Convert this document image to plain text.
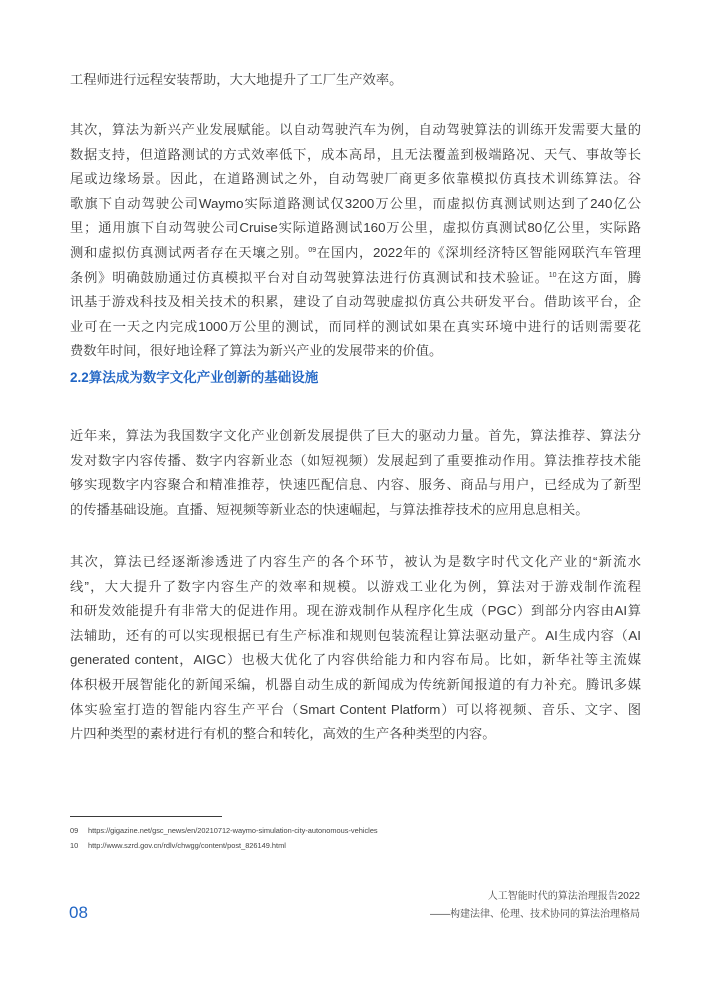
工程师进行远程安装帮助，大大地提升了工厂生产效率。
其次，算法为新兴产业发展赋能。以自动驾驶汽车为例，自动驾驶算法的训练开发需要大量的
数据支持，但道路测试的方式效率低下，成本高昂，且无法覆盖到极端路况、天气、事故等长
尾或边缘场景。因此，在道路测试之外，自动驾驶厂商更多依靠模拟仿真技术训练算法。谷
歌旗下自动驾驶公司Waymo实际道路测试仅3200万公里，而虚拟仿真测试则达到了240亿公
里；通用旗下自动驾驶公司Cruise实际道路测试160万公里，虚拟仿真测试80亿公里，实际路
测和虚拟仿真测试两者存在天壤之别。$^{09}$在国内，2022年的《深圳经济特区智能网联汽车管理
条例》明确鼓励通过仿真模拟平台对自动驾驶算法进行仿真测试和技术验证。$^{10}$在这方面，腾
讯基于游戏科技及相关技术的积累，建设了自动驾驶虚拟仿真公共研发平台。借助该平台，企
业可在一天之内完成1000万公里的测试，而同样的测试如果在真实环境中进行的话则需要花
费数年时间，很好地诠释了算法为新兴产业的发展带来的价值。
2.2算法成为数字文化产业创新的基础设施
近年来，算法为我国数字文化产业创新发展提供了巨大的驱动力量。首先，算法推荐、算法分
发对数字内容传播、数字内容新业态（如短视频）发展起到了重要推动作用。算法推荐技术能
够实现数字内容聚合和精准推荐，快速匹配信息、内容、服务、商品与用户，已经成为了新型
的传播基础设施。直播、短视频等新业态的快速崛起，与算法推荐技术的应用息息相关。
其次，算法已经逐渐渗透进了内容生产的各个环节，被认为是数字时代文化产业的“新流水
线”，大大提升了数字内容生产的效率和规模。以游戏工业化为例，算法对于游戏制作流程
和研发效能提升有非常大的促进作用。现在游戏制作从程序化生成（PGC）到部分内容由AI算
法辅助，还有的可以实现根据已有生产标准和规则包装流程让算法驱动量产。AI生成内容（AI
generated content，AIGC）也极大优化了内容供给能力和内容布局。比如，新华社等主流媒
体积极开展智能化的新闻采编，机器自动生成的新闻成为传统新闻报道的有力补充。腾讯多媒
体实验室打造的智能内容生产平台（Smart Content Platform）可以将视频、音乐、文字、图
片四种类型的素材进行有机的整合和转化，高效的生产各种类型的内容。
09 https://gigazine.net/gsc_news/en/20210712-waymo-simulation-city-autonomous-vehicles
10 http://www.szrd.gov.cn/rdlv/chwgg/content/post_826149.html
08
人工智能时代的算法治理报告2022
——构建法律、伦理、技术协同的算法治理格局
